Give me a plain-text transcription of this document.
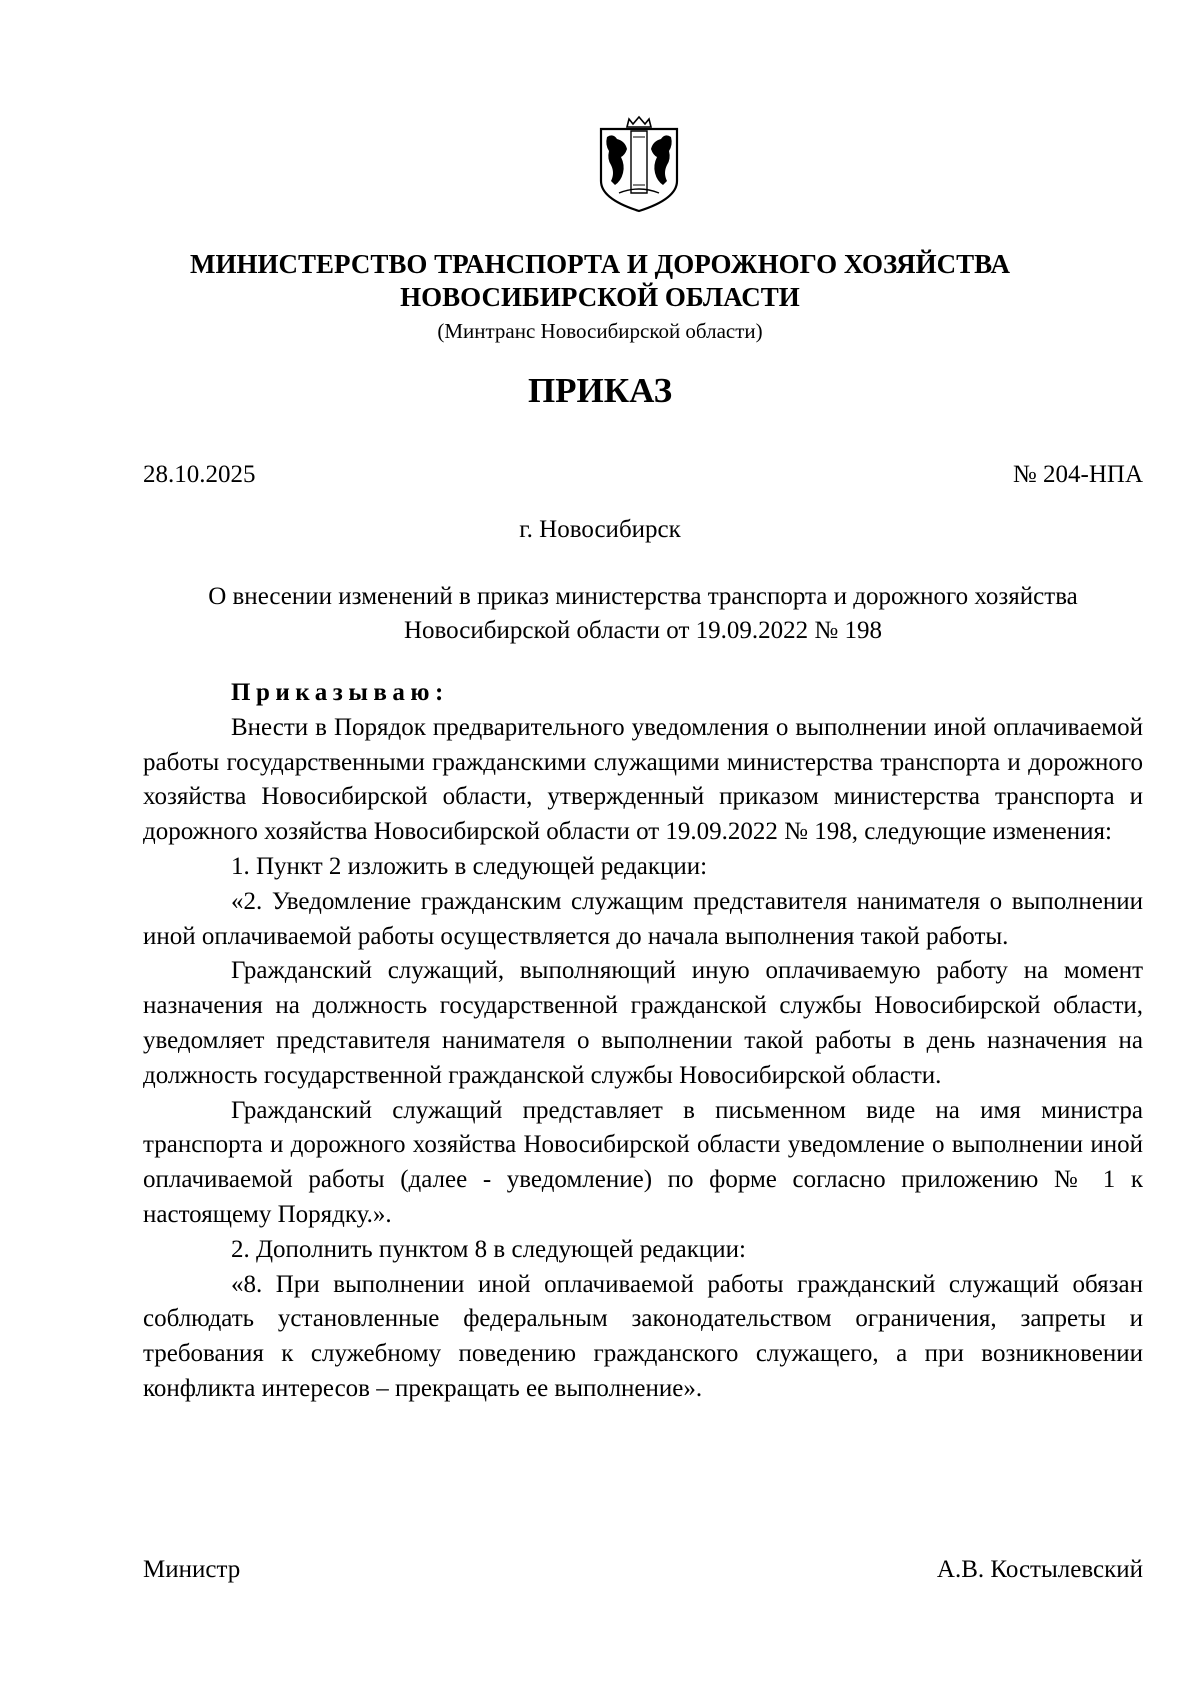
МИНИСТЕРСТВО ТРАНСПОРТА И ДОРОЖНОГО ХОЗЯЙСТВА
НОВОСИБИРСКОЙ ОБЛАСТИ
(Минтранс Новосибирской области)
ПРИКАЗ
28.10.2025	№ 204-НПА
г. Новосибирск
О внесении изменений в приказ министерства транспорта и дорожного хозяйства
Новосибирской области от 19.09.2022 № 198

Приказываю:

Внести в Порядок предварительного уведомления о выполнении иной оплачиваемой работы государственными гражданскими служащими министерства транспорта и дорожного хозяйства Новосибирской области, утвержденный приказом министерства транспорта и дорожного хозяйства Новосибирской области от 19.09.2022 № 198, следующие изменения:

1. Пункт 2 изложить в следующей редакции:

«2. Уведомление гражданским служащим представителя нанимателя о выполнении иной оплачиваемой работы осуществляется до начала выполнения такой работы.

Гражданский служащий, выполняющий иную оплачиваемую работу на момент назначения на должность государственной гражданской службы Новосибирской области, уведомляет представителя нанимателя о выполнении такой работы в день назначения на должность государственной гражданской службы Новосибирской области.

Гражданский служащий представляет в письменном виде на имя министра транспорта и дорожного хозяйства Новосибирской области уведомление о выполнении иной оплачиваемой работы (далее - уведомление) по форме согласно приложению № 1 к настоящему Порядку.».

2. Дополнить пунктом 8 в следующей редакции:

«8. При выполнении иной оплачиваемой работы гражданский служащий обязан соблюдать установленные федеральным законодательством ограничения, запреты и требования к служебному поведению гражданского служащего, а при возникновении конфликта интересов – прекращать ее выполнение».

Министр	А.В. Костылевский
